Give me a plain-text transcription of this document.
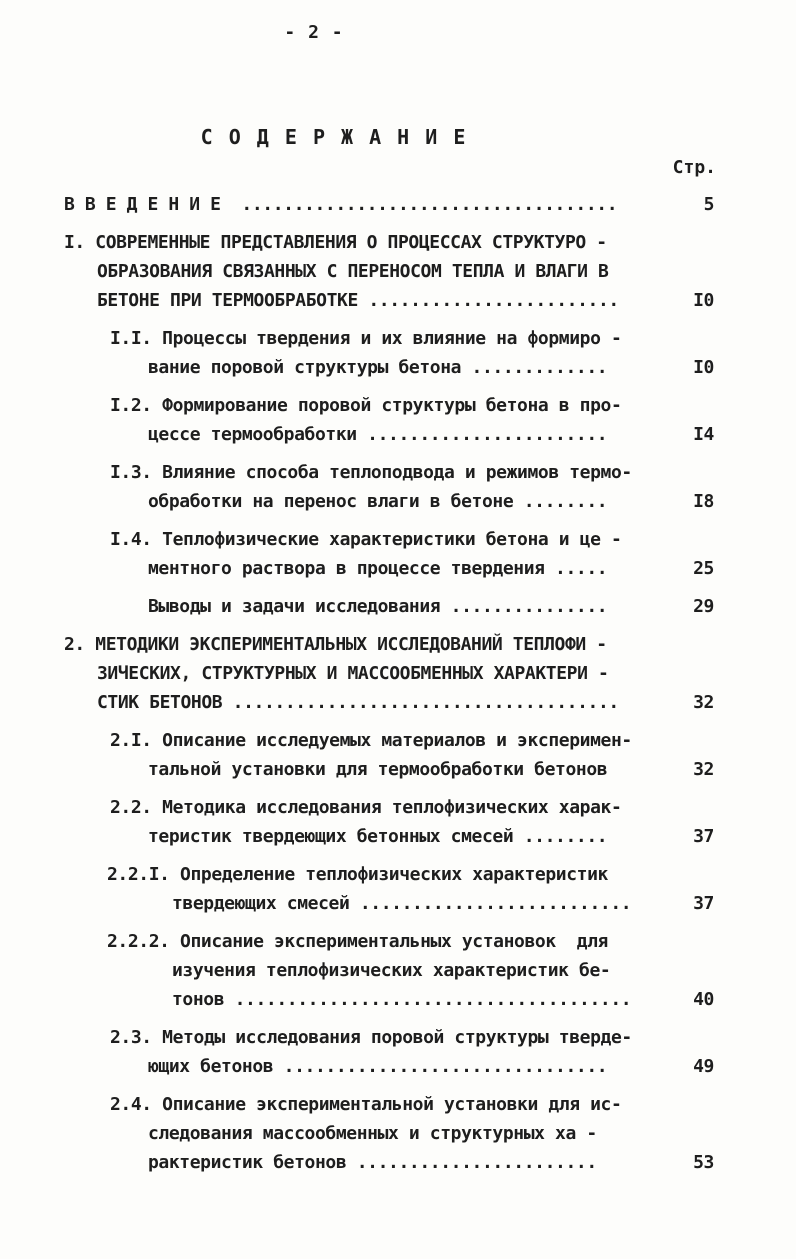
- 2 -
С О Д Е Р Ж А Н И Е
Стр.
В В Е Д Е Н И Е  ....................................	5
I. СОВРЕМЕННЫЕ ПРЕДСТАВЛЕНИЯ О ПРОЦЕССАХ СТРУКТУРО -
ОБРАЗОВАНИЯ СВЯЗАННЫХ С ПЕРЕНОСОМ ТЕПЛА И ВЛАГИ В
БЕТОНЕ ПРИ ТЕРМООБРАБОТКЕ ........................	I0
I.I. Процессы твердения и их влияние на формиро -
вание поровой структуры бетона .............	I0
I.2. Формирование поровой структуры бетона в про-
цессе термообработки .......................	I4
I.3. Влияние способа теплоподвода и режимов термо-
обработки на перенос влаги в бетоне ........	I8
I.4. Теплофизические характеристики бетона и це -
ментного раствора в процессе твердения .....	25
Выводы и задачи исследования ...............	29
2. МЕТОДИКИ ЭКСПЕРИМЕНТАЛЬНЫХ ИССЛЕДОВАНИЙ ТЕПЛОФИ -
ЗИЧЕСКИХ, СТРУКТУРНЫХ И МАССООБМЕННЫХ ХАРАКТЕРИ -
СТИК БЕТОНОВ .....................................	32
2.I. Описание исследуемых материалов и эксперимен-
тальной установки для термообработки бетонов	32
2.2. Методика исследования теплофизических харак-
теристик твердеющих бетонных смесей ........	37
2.2.I. Определение теплофизических характеристик
твердеющих смесей ..........................	37
2.2.2. Описание экспериментальных установок  для
изучения теплофизических характеристик бе-
тонов ......................................	40
2.3. Методы исследования поровой структуры тверде-
ющих бетонов ...............................	49
2.4. Описание экспериментальной установки для ис-
следования массообменных и структурных ха -
рактеристик бетонов .......................	53
